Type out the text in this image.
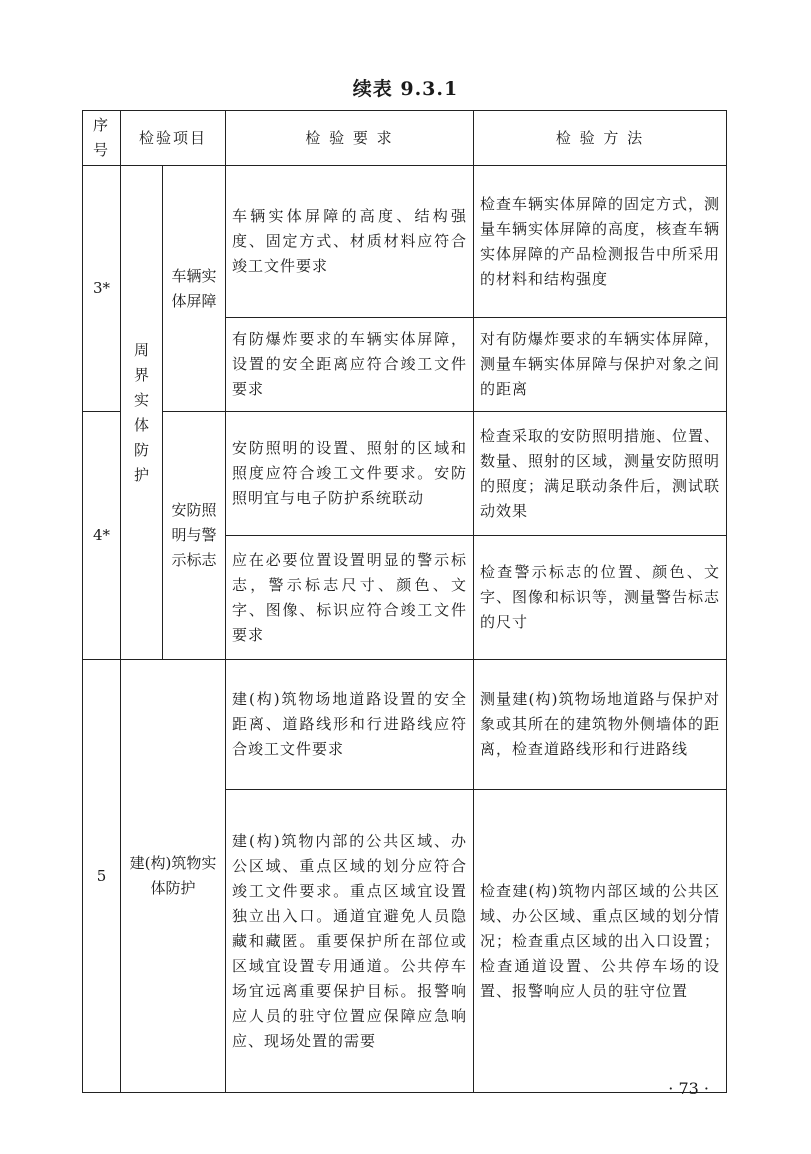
续表 9.3.1
序号	检验项目		检 验 要 求	检 验 方 法
3*	周界实体防护	车辆实体屏障	车辆实体屏障的高度、结构强度、固定方式、材质材料应符合竣工文件要求	检查车辆实体屏障的固定方式，测量车辆实体屏障的高度，核查车辆实体屏障的产品检测报告中所采用的材料和结构强度
			有防爆炸要求的车辆实体屏障，设置的安全距离应符合竣工文件要求	对有防爆炸要求的车辆实体屏障，测量车辆实体屏障与保护对象之间的距离
4*		安防照明与警示标志	安防照明的设置、照射的区域和照度应符合竣工文件要求。安防照明宜与电子防护系统联动	检查采取的安防照明措施、位置、数量、照射的区域，测量安防照明的照度；满足联动条件后，测试联动效果
			应在必要位置设置明显的警示标志，警示标志尺寸、颜色、文字、图像、标识应符合竣工文件要求	检查警示标志的位置、颜色、文字、图像和标识等，测量警告标志的尺寸
5	建(构)筑物实体防护		建(构)筑物场地道路设置的安全距离、道路线形和行进路线应符合竣工文件要求	测量建(构)筑物场地道路与保护对象或其所在的建筑物外侧墙体的距离，检查道路线形和行进路线
			建(构)筑物内部的公共区域、办公区域、重点区域的划分应符合竣工文件要求。重点区域宜设置独立出入口。通道宜避免人员隐藏和藏匿。重要保护所在部位或区域宜设置专用通道。公共停车场宜远离重要保护目标。报警响应人员的驻守位置应保障应急响应、现场处置的需要	检查建(构)筑物内部区域的公共区域、办公区域、重点区域的划分情况；检查重点区域的出入口设置；检查通道设置、公共停车场的设置、报警响应人员的驻守位置
· 73 ·
